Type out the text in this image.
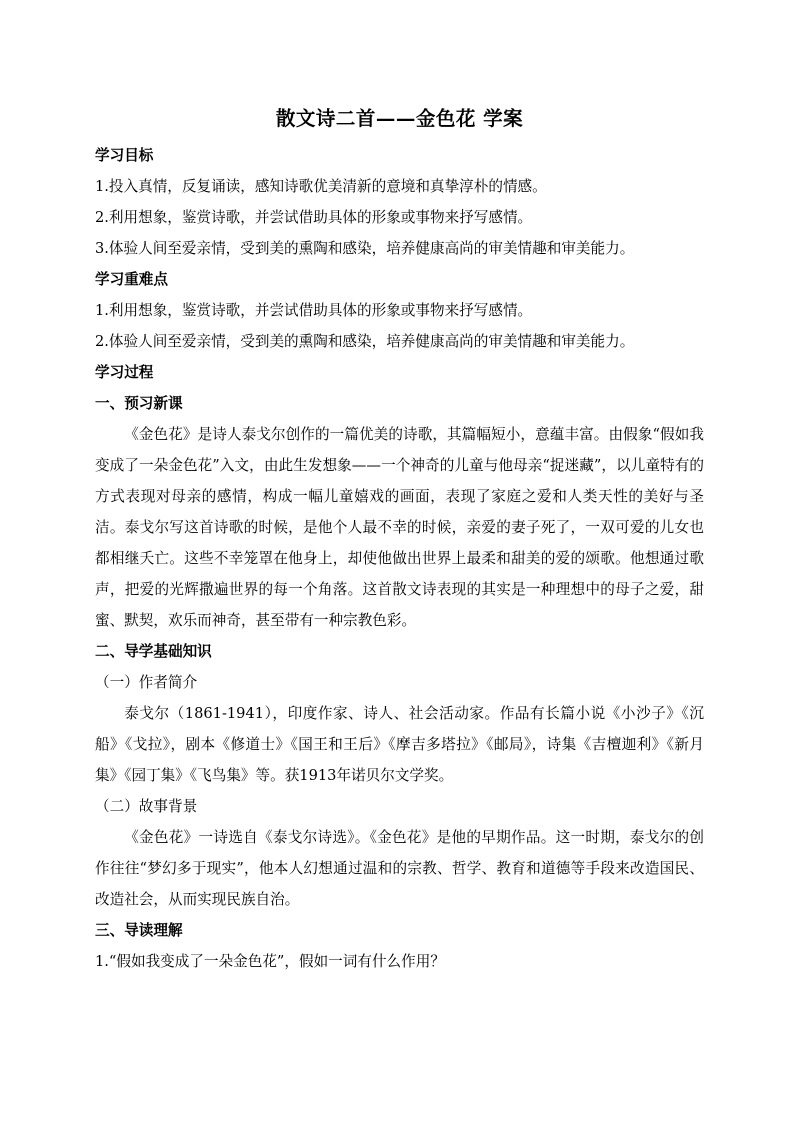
散文诗二首——金色花 学案

学习目标

1.投入真情，反复诵读，感知诗歌优美清新的意境和真挚淳朴的情感。

2.利用想象，鉴赏诗歌，并尝试借助具体的形象或事物来抒写感情。

3.体验人间至爱亲情，受到美的熏陶和感染，培养健康高尚的审美情趣和审美能力。

学习重难点

1.利用想象，鉴赏诗歌，并尝试借助具体的形象或事物来抒写感情。

2.体验人间至爱亲情，受到美的熏陶和感染，培养健康高尚的审美情趣和审美能力。

学习过程

一、预习新课

《金色花》是诗人泰戈尔创作的一篇优美的诗歌，其篇幅短小，意蕴丰富。由假象“假如我变成了一朵金色花”入文，由此生发想象——一个神奇的儿童与他母亲“捉迷藏”，以儿童特有的方式表现对母亲的感情，构成一幅儿童嬉戏的画面，表现了家庭之爱和人类天性的美好与圣洁。泰戈尔写这首诗歌的时候，是他个人最不幸的时候，亲爱的妻子死了，一双可爱的儿女也都相继夭亡。这些不幸笼罩在他身上，却使他做出世界上最柔和甜美的爱的颂歌。他想通过歌声，把爱的光辉撒遍世界的每一个角落。这首散文诗表现的其实是一种理想中的母子之爱，甜蜜、默契，欢乐而神奇，甚至带有一种宗教色彩。

二、导学基础知识

（一）作者简介

泰戈尔（1861-1941），印度作家、诗人、社会活动家。作品有长篇小说《小沙子》《沉船》《戈拉》，剧本《修道士》《国王和王后》《摩吉多塔拉》《邮局》，诗集《吉檀迦利》《新月集》《园丁集》《飞鸟集》等。获1913年诺贝尔文学奖。

（二）故事背景

《金色花》一诗选自《泰戈尔诗选》。《金色花》是他的早期作品。这一时期，泰戈尔的创作往往“梦幻多于现实”，他本人幻想通过温和的宗教、哲学、教育和道德等手段来改造国民、改造社会，从而实现民族自治。

三、导读理解

1.“假如我变成了一朵金色花”，假如一词有什么作用？
